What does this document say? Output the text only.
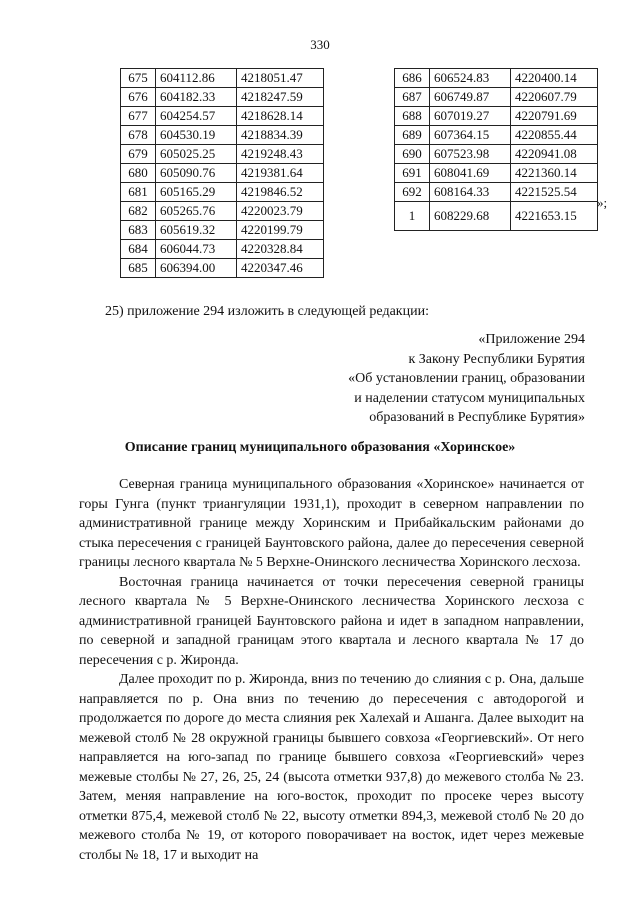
330
675	604112.86	4218051.47
676	604182.33	4218247.59
677	604254.57	4218628.14
678	604530.19	4218834.39
679	605025.25	4219248.43
680	605090.76	4219381.64
681	605165.29	4219846.52
682	605265.76	4220023.79
683	605619.32	4220199.79
684	606044.73	4220328.84
685	606394.00	4220347.46
686	606524.83	4220400.14
687	606749.87	4220607.79
688	607019.27	4220791.69
689	607364.15	4220855.44
690	607523.98	4220941.08
691	608041.69	4221360.14
692	608164.33	4221525.54
1	608229.68	4221653.15
»;
25) приложение 294 изложить в следующей редакции:
«Приложение 294
к Закону Республики Бурятия
«Об установлении границ, образовании
и наделении статусом муниципальных
образований в Республике Бурятия»
Описание границ муниципального образования «Хоринское»

Северная граница муниципального образования «Хоринское» начинается от горы Гунга (пункт триангуляции 1931,1), проходит в северном направлении по административной границе между Хоринским и Прибайкальским районами до стыка пересечения с границей Баунтовского района, далее до пересечения северной границы лесного квартала № 5 Верхне-Онинского лесничества Хоринского лесхоза.

Восточная граница начинается от точки пересечения северной границы лесного квартала № 5 Верхне-Онинского лесничества Хоринского лесхоза с административной границей Баунтовского района и идет в западном направлении, по северной и западной границам этого квартала и лесного квартала № 17 до пересечения с р. Жиронда.

Далее проходит по р. Жиронда, вниз по течению до слияния с р. Она, дальше направляется по р. Она вниз по течению до пересечения с автодорогой и продолжается по дороге до места слияния рек Халехай и Ашанга. Далее выходит на межевой столб № 28 окружной границы бывшего совхоза «Георгиевский». От него направляется на юго-запад по границе бывшего совхоза «Георгиевский» через межевые столбы № 27, 26, 25, 24 (высота отметки 937,8) до межевого столба № 23. Затем, меняя направление на юго-восток, проходит по просеке через высоту отметки 875,4, межевой столб № 22, высоту отметки 894,3, межевой столб № 20 до межевого столба № 19, от которого поворачивает на восток, идет через межевые столбы № 18, 17 и выходит на
